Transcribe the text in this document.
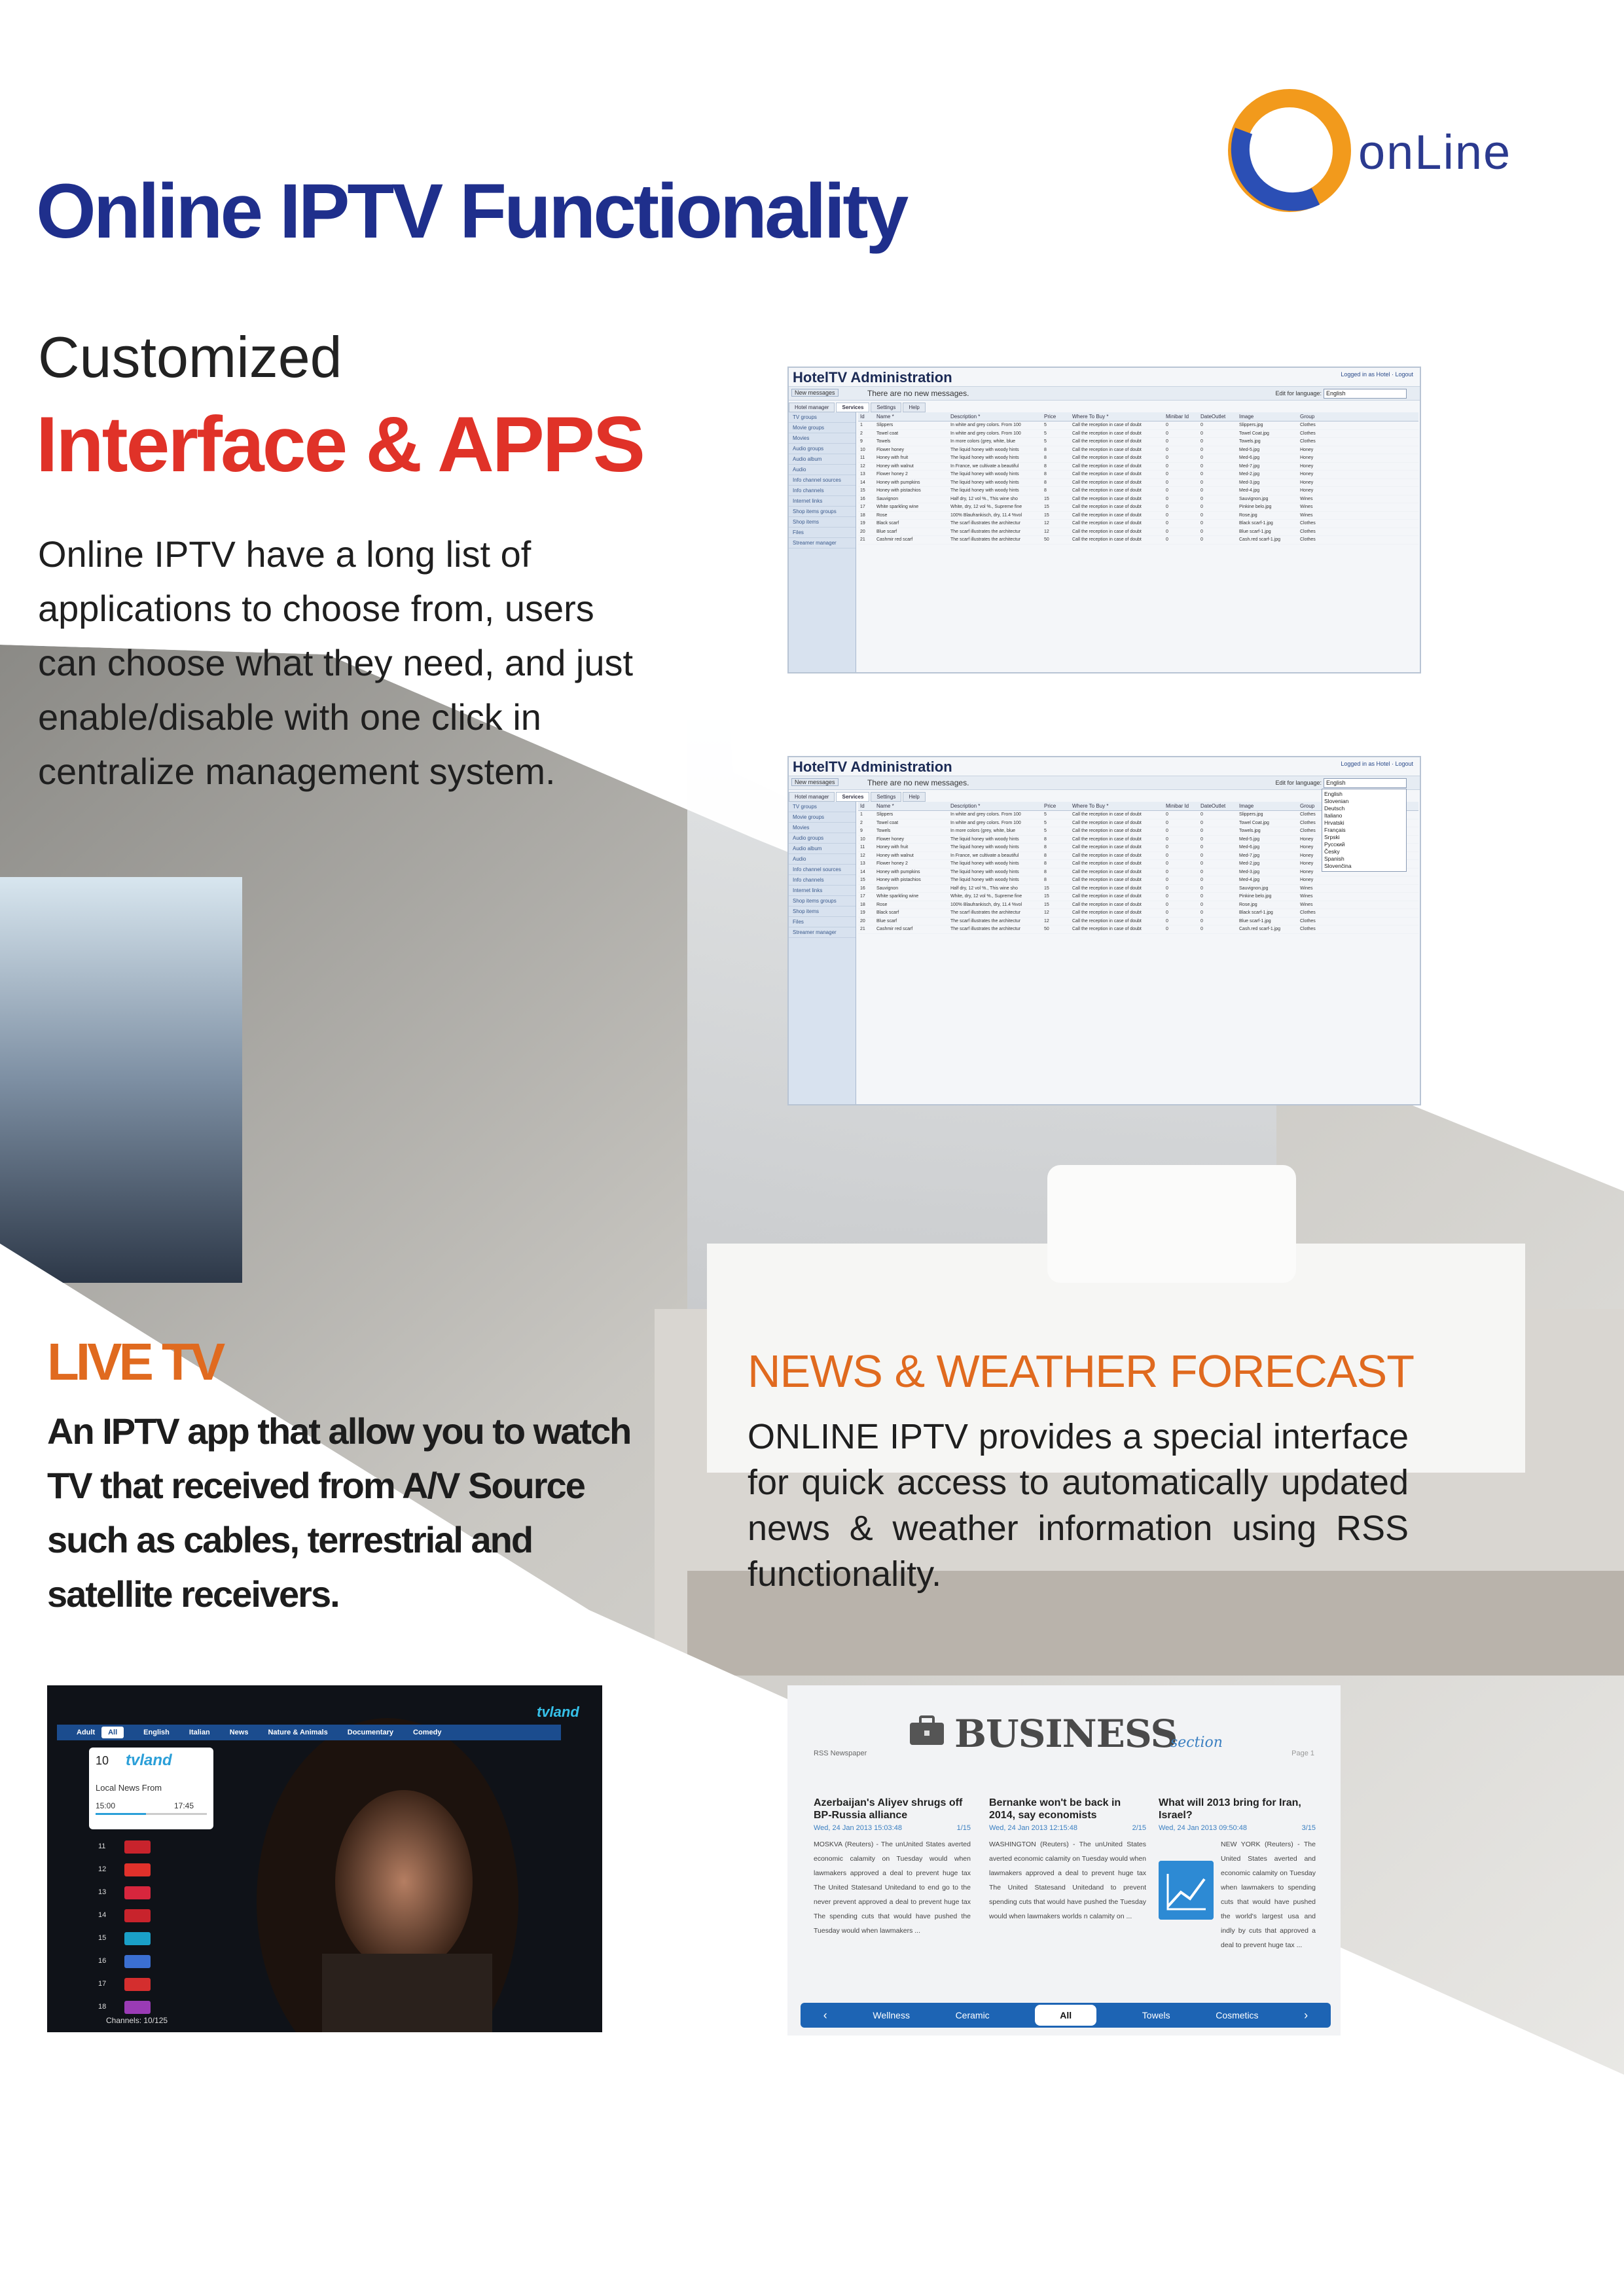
onLine
Online IPTV Functionality
Customized
Interface & APPS
Online IPTV have a long list of applications to choose from, users can choose what they need, and just enable/disable with one click in centralize management system.
HotelTV Administration	Logged in as Hotel · Logout
New messages	There are no new messages.	Edit for language: English
Hotel manager	Services	Settings	Help
TV groups
Movie groups
Movies
Audio groups
Audio album
Audio
Info channel sources
Info channels
Internet links
Shop items groups
Shop items
Files
Streamer manager
Id	Name *	Description *	Price	Where To Buy *	Minibar Id	DateOutlet	Image	Group
1	Slippers	In white and grey colors. From 100	5	Call the reception in case of doubt	0	0	Slippers.jpg	Clothes
2	Towel coat	In white and grey colors. From 100	5	Call the reception in case of doubt	0	0	Towel Coat.jpg	Clothes
9	Towels	In more colors (grey, white, blue	5	Call the reception in case of doubt	0	0	Towels.jpg	Clothes
10	Flower honey	The liquid honey with woody hints	8	Call the reception in case of doubt	0	0	Med-5.jpg	Honey
11	Honey with fruit	The liquid honey with woody hints	8	Call the reception in case of doubt	0	0	Med-6.jpg	Honey
12	Honey with walnut	In France, we cultivate a beautiful	8	Call the reception in case of doubt	0	0	Med-7.jpg	Honey
13	Flower honey 2	The liquid honey with woody hints	8	Call the reception in case of doubt	0	0	Med-2.jpg	Honey
14	Honey with pumpkins	The liquid honey with woody hints	8	Call the reception in case of doubt	0	0	Med-3.jpg	Honey
15	Honey with pistachios	The liquid honey with woody hints	8	Call the reception in case of doubt	0	0	Med-4.jpg	Honey
16	Sauvignon	Half dry, 12 vol %., This wine sho	15	Call the reception in case of doubt	0	0	Sauvignon.jpg	Wines
17	White sparkling wine	White, dry, 12 vol %., Supreme fine	15	Call the reception in case of doubt	0	0	Pinkine belo.jpg	Wines
18	Rose	100% Blaufrankisch, dry, 11.4 %vol	15	Call the reception in case of doubt	0	0	Rose.jpg	Wines
19	Black scarf	The scarf illustrates the architectur	12	Call the reception in case of doubt	0	0	Black scarf-1.jpg	Clothes
20	Blue scarf	The scarf illustrates the architectur	12	Call the reception in case of doubt	0	0	Blue scarf-1.jpg	Clothes
21	Cashmir red scarf	The scarf illustrates the architectur	50	Call the reception in case of doubt	0	0	Cash.red scarf-1.jpg	Clothes
HotelTV Administration	Logged in as Hotel · Logout
New messages	There are no new messages.	Edit for language: English
Hotel manager	Services	Settings	Help
TV groups
Movie groups
Movies
Audio groups
Audio album
Audio
Info channel sources
Info channels
Internet links
Shop items groups
Shop items
Files
Streamer manager
Id	Name *	Description *	Price	Where To Buy *	Minibar Id	DateOutlet	Image	Group
1	Slippers	In white and grey colors. From 100	5	Call the reception in case of doubt	0	0	Slippers.jpg	Clothes
2	Towel coat	In white and grey colors. From 100	5	Call the reception in case of doubt	0	0	Towel Coat.jpg	Clothes
9	Towels	In more colors (grey, white, blue	5	Call the reception in case of doubt	0	0	Towels.jpg	Clothes
10	Flower honey	The liquid honey with woody hints	8	Call the reception in case of doubt	0	0	Med-5.jpg	Honey
11	Honey with fruit	The liquid honey with woody hints	8	Call the reception in case of doubt	0	0	Med-6.jpg	Honey
12	Honey with walnut	In France, we cultivate a beautiful	8	Call the reception in case of doubt	0	0	Med-7.jpg	Honey
13	Flower honey 2	The liquid honey with woody hints	8	Call the reception in case of doubt	0	0	Med-2.jpg	Honey
14	Honey with pumpkins	The liquid honey with woody hints	8	Call the reception in case of doubt	0	0	Med-3.jpg	Honey
15	Honey with pistachios	The liquid honey with woody hints	8	Call the reception in case of doubt	0	0	Med-4.jpg	Honey
16	Sauvignon	Half dry, 12 vol %., This wine sho	15	Call the reception in case of doubt	0	0	Sauvignon.jpg	Wines
17	White sparkling wine	White, dry, 12 vol %., Supreme fine	15	Call the reception in case of doubt	0	0	Pinkine belo.jpg	Wines
18	Rose	100% Blaufrankisch, dry, 11.4 %vol	15	Call the reception in case of doubt	0	0	Rose.jpg	Wines
19	Black scarf	The scarf illustrates the architectur	12	Call the reception in case of doubt	0	0	Black scarf-1.jpg	Clothes
20	Blue scarf	The scarf illustrates the architectur	12	Call the reception in case of doubt	0	0	Blue scarf-1.jpg	Clothes
21	Cashmir red scarf	The scarf illustrates the architectur	50	Call the reception in case of doubt	0	0	Cash.red scarf-1.jpg	Clothes
English
Slovenian
Deutsch
Italiano
Hrvatski
Français
Srpski
Русский
Česky
Spanish
Slovenčina
LIVE TV
An IPTV app that allow you to watch TV that received from A/V Source such as cables, terrestrial and satellite receivers.
NEWS & WEATHER FORECAST
ONLINE IPTV provides a special interface for quick access to automatically updated news & weather information using RSS functionality.
tvland
Adult	All	English	Italian	News	Nature & Animals	Documentary	Comedy
10 tvland
Local News From
15:00	17:45
11
12
13
14
15
16
17
18
Channels: 10/125
BUSINESS
section
RSS Newspaper	Page 1
Azerbaijan's Aliyev shrugs off BP-Russia alliance
Wed, 24 Jan 2013 15:03:48	1/15
MOSKVA (Reuters) - The unUnited States averted economic calamity on Tuesday would when lawmakers approved a deal to prevent huge tax The United Statesand Unitedand to end go to the never prevent approved a deal to prevent huge tax The spending cuts that would have pushed the Tuesday would when lawmakers ...
Bernanke won't be back in 2014, say economists
Wed, 24 Jan 2013 12:15:48	2/15
WASHINGTON (Reuters) - The unUnited States averted economic calamity on Tuesday would when lawmakers approved a deal to prevent huge tax The United Statesand Unitedand to prevent spending cuts that would have pushed the Tuesday would when lawmakers worlds n calamity on ...
What will 2013 bring for Iran, Israel?
Wed, 24 Jan 2013 09:50:48	3/15
NEW YORK (Reuters) - The United States averted and economic calamity on Tuesday when lawmakers to spending cuts that would have pushed the world's largest usa and indly by cuts that approved a deal to prevent huge tax ...
‹	Wellness	Ceramic	All	Towels	Cosmetics	›
